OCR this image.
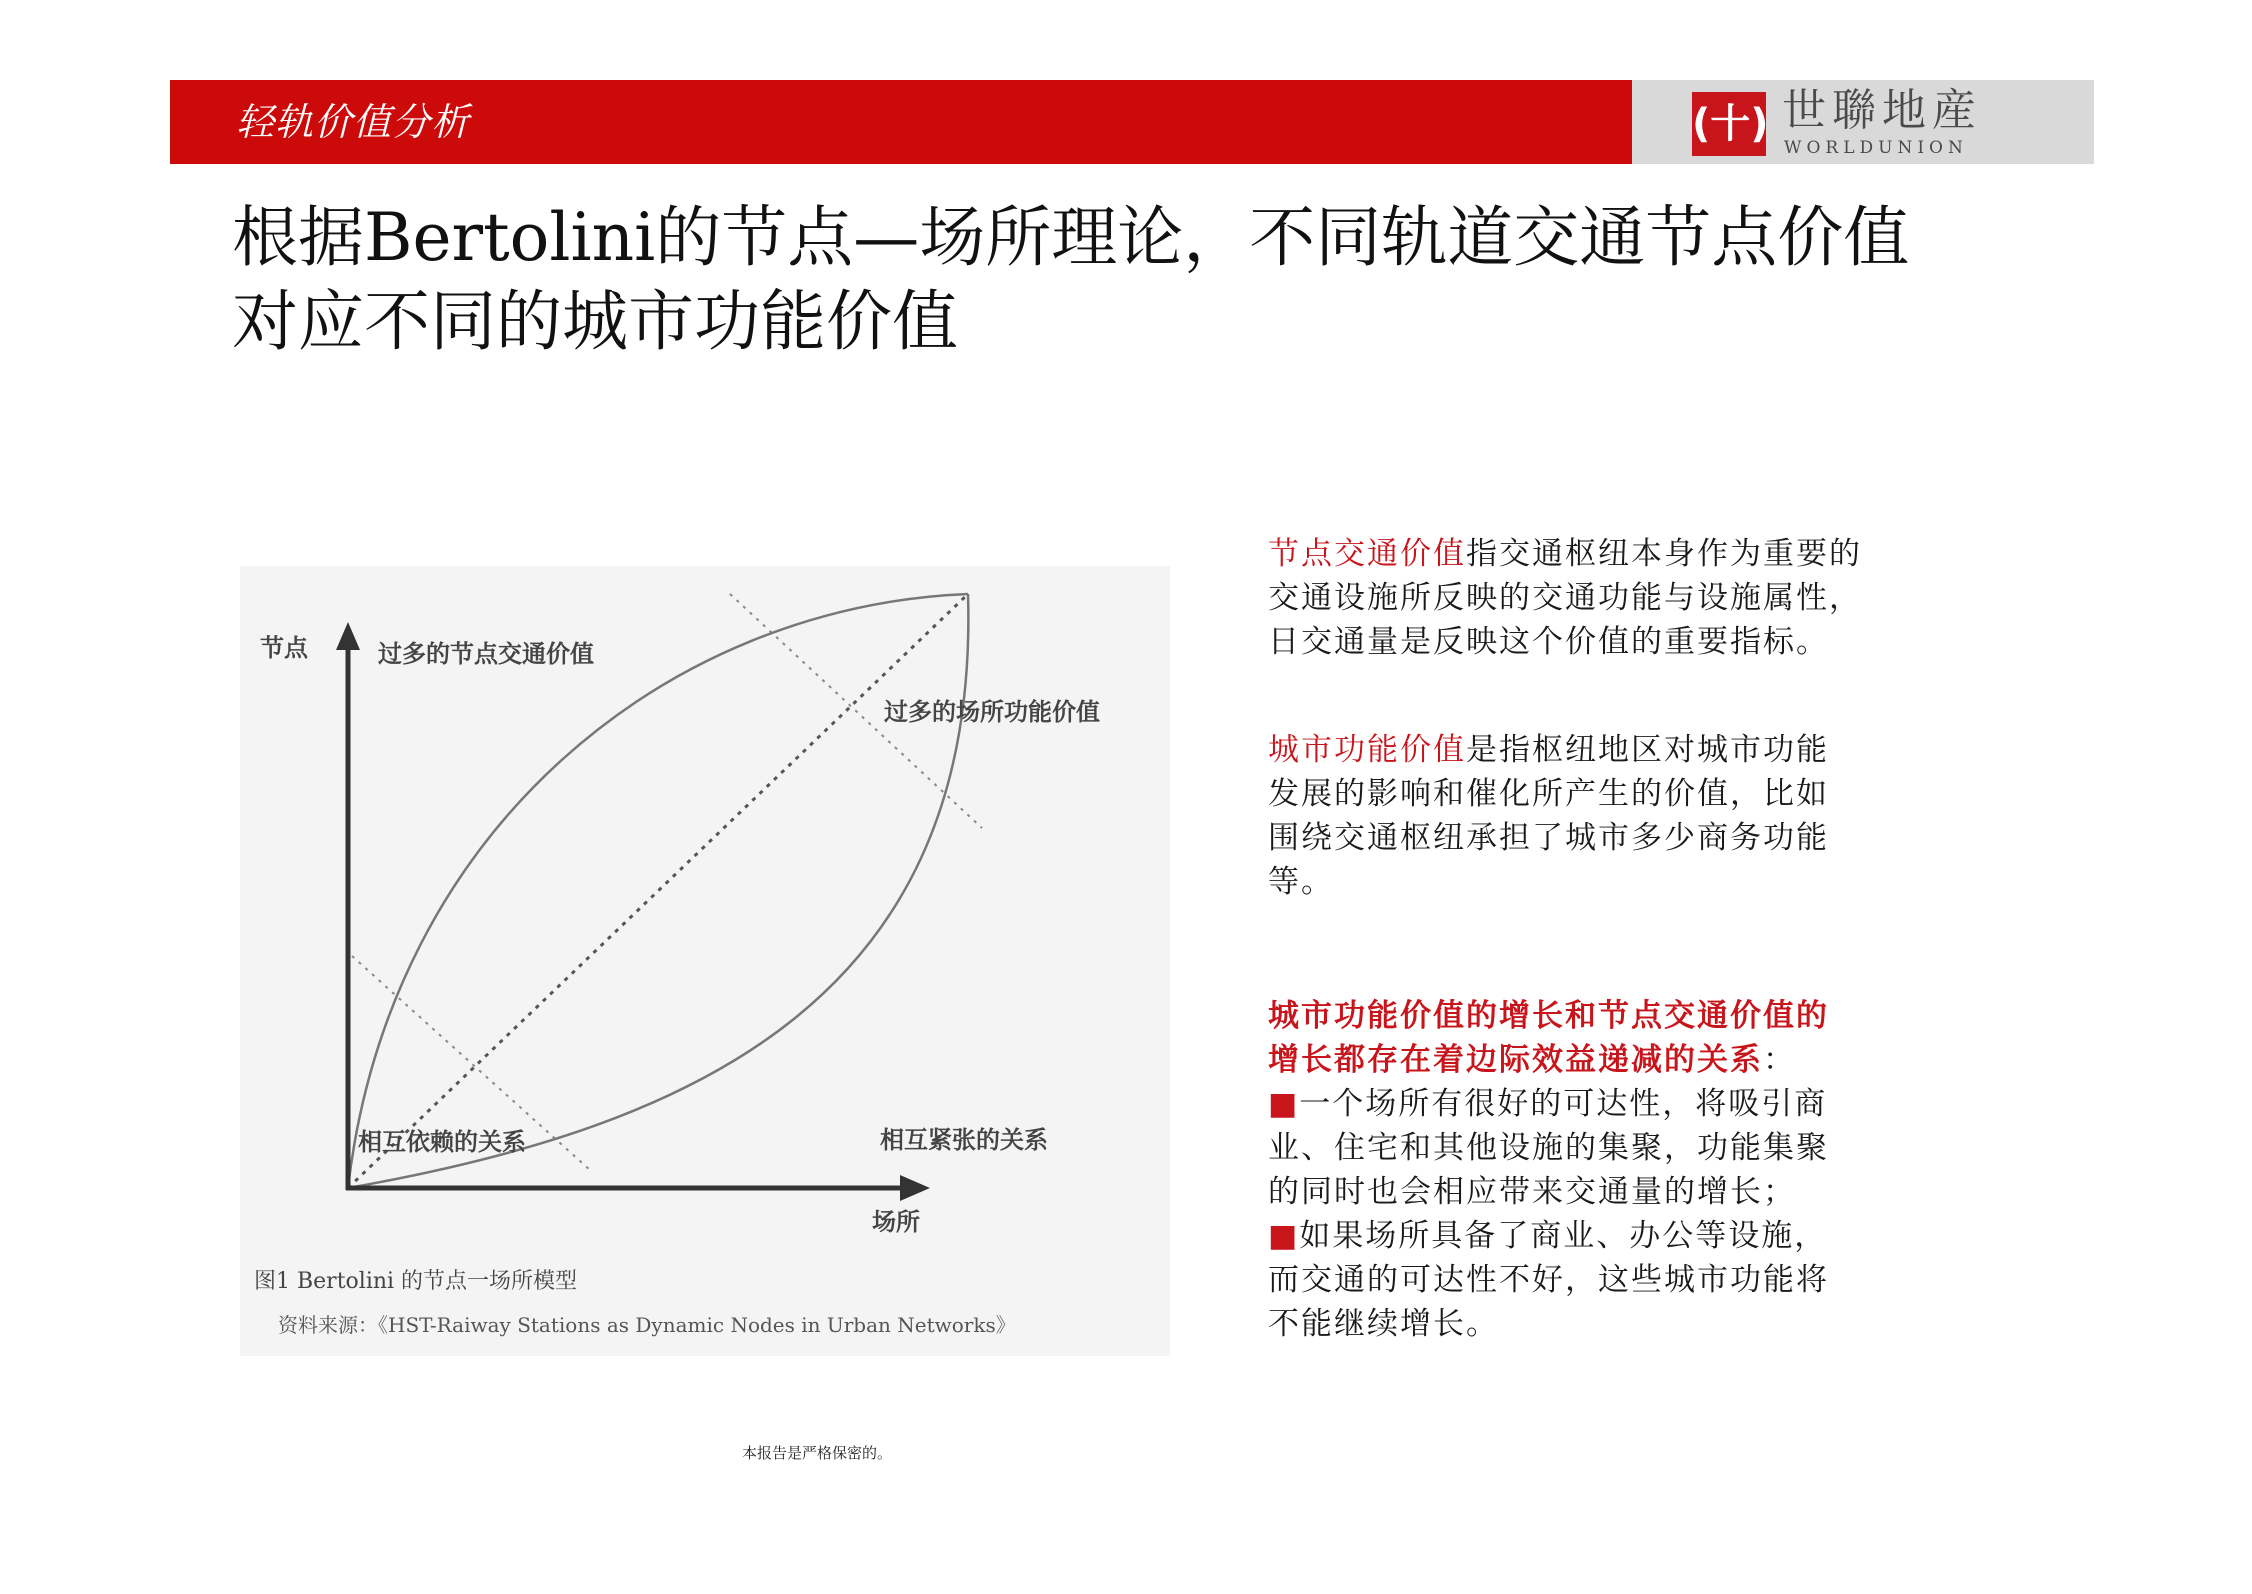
轻轨价值分析	(十) 世聯地産
WORLDUNION
根据Bertolini的节点—场所理论，不同轨道交通节点价值
对应不同的城市功能价值
节点	过多的节点交通价值
过多的场所功能价值
相互依赖的关系	相互紧张的关系
场所
图1 Bertolini 的节点一场所模型
资料来源：《HST-Raiway Stations as Dynamic Nodes in Urban Networks》
节点交通价值指交通枢纽本身作为重要的
交通设施所反映的交通功能与设施属性，
日交通量是反映这个价值的重要指标。
城市功能价值是指枢纽地区对城市功能
发展的影响和催化所产生的价值，比如
围绕交通枢纽承担了城市多少商务功能
等。
城市功能价值的增长和节点交通价值的
增长都存在着边际效益递减的关系：
■一个场所有很好的可达性，将吸引商
业、住宅和其他设施的集聚，功能集聚
的同时也会相应带来交通量的增长；
■如果场所具备了商业、办公等设施，
而交通的可达性不好，这些城市功能将
不能继续增长。
本报告是严格保密的。
